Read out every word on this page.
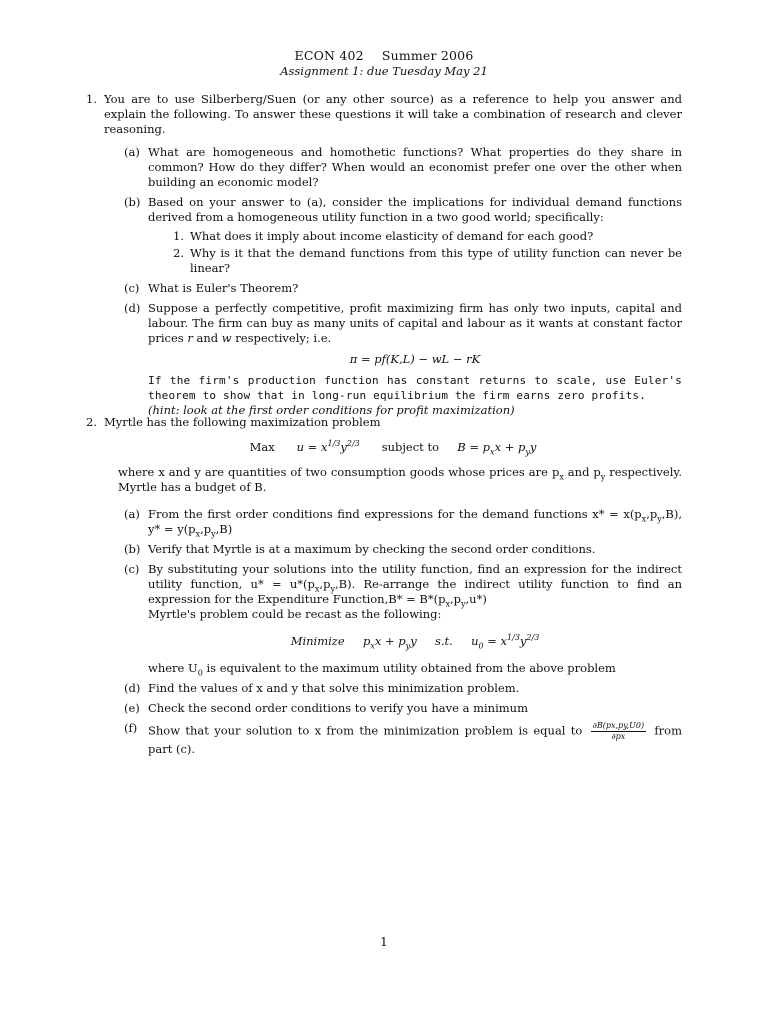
ECON 402 Summer 2006
Assignment 1: due Tuesday May 21
1. You are to use Silberberg/Suen (or any other source) as a reference to help you answer and explain the following. To answer these questions it will take a combination of research and clever reasoning.
(a) What are homogeneous and homothetic functions? What properties do they share in common? How do they differ? When would an economist prefer one over the other when building an economic model?
(b) Based on your answer to (a), consider the implications for individual demand functions derived from a homogeneous utility function in a two good world; specifically:
1. What does it imply about income elasticity of demand for each good?
2. Why is it that the demand functions from this type of utility function can never be linear?
(c) What is Euler's Theorem?
(d) Suppose a perfectly competitive, profit maximizing firm has only two inputs, capital and labour. The firm can buy as many units of capital and labour as it wants at constant factor prices r and w respectively; i.e.
π = pf(K,L) − wL − rK
If the firm's production function has constant returns to scale, use Euler's theorem to show that in long-run equilibrium the firm earns zero profits.
(hint: look at the first order conditions for profit maximization)
2. Myrtle has the following maximization problem
Max $u = x^{1/3}y^{2/3}$ subject to $B = p_xx + p_yy$
where x and y are quantities of two consumption goods whose prices are $p_x$ and $p_y$ respectively. Myrtle has a budget of B.
(a) From the first order conditions find expressions for the demand functions $x* = x(p_x,p_y,B)$, $y* = y(p_x,p_y,B)$
(b) Verify that Myrtle is at a maximum by checking the second order conditions.
(c) By substituting your solutions into the utility function, find an expression for the indirect utility function, $u* = u*(p_x,p_y,B)$. Re-arrange the indirect utility function to find an expression for the Expenditure Function,B* = $B*(p_x,p_y,u*)$
Myrtle's problem could be recast as the following:
Minimize $p_xx + p_yy$ s.t. $u_0 = x^{1/3}y^{2/3}$
where $U_0$ is equivalent to the maximum utility obtained from the above problem
(d) Find the values of x and y that solve this minimization problem.
(e) Check the second order conditions to verify you have a minimum
(f) Show that your solution to x from the minimization problem is equal to $\frac{\partial B(px,py,U0)}{\partial px}$ from part (c).
1
